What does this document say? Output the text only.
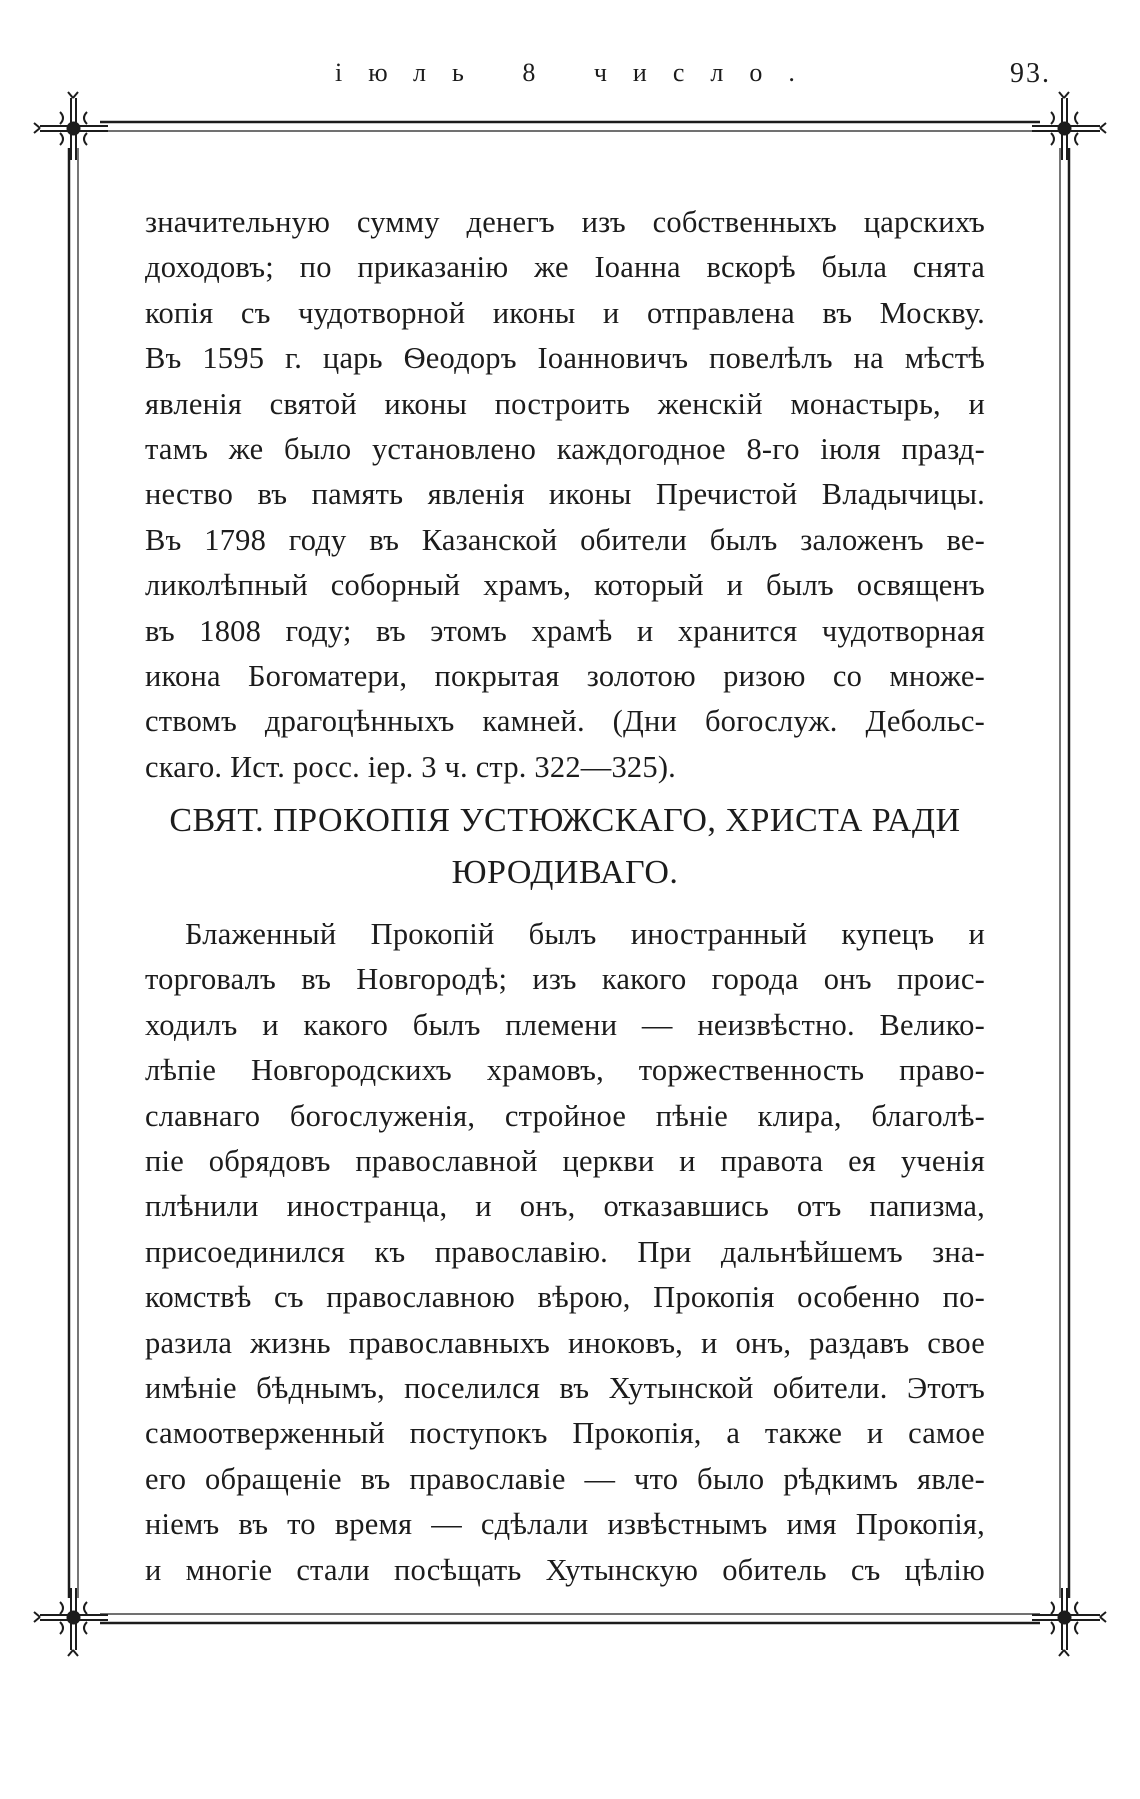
іюль 8 число.	93.
значительную сумму денегъ изъ собственныхъ царскихъ
доходовъ; по приказанію же Іоанна вскорѣ была снята
копія съ чудотворной иконы и отправлена въ Москву.
Въ 1595 г. царь Ѳеодоръ Іоанновичъ повелѣлъ на мѣстѣ
явленія святой иконы построить женскій монастырь, и
тамъ же было установлено каждогодное 8-го іюля празд-
нество въ память явленія иконы Пречистой Владычицы.
Въ 1798 году въ Казанской обители былъ заложенъ ве-
ликолѣпный соборный храмъ, который и былъ освященъ
въ 1808 году; въ этомъ храмѣ и хранится чудотворная
икона Богоматери, покрытая золотою ризою со множе-
ствомъ драгоцѣнныхъ камней. (Дни богослуж. Дебольс-
скаго. Ист. росс. іер. 3 ч. стр. 322—325).
СВЯТ. ПРОКОПІЯ УСТЮЖСКАГО, ХРИСТА РАДИ
ЮРОДИВАГО.
Блаженный Прокопій былъ иностранный купецъ и
торговалъ въ Новгородѣ; изъ какого города онъ проис-
ходилъ и какого былъ племени — неизвѣстно. Велико-
лѣпіе Новгородскихъ храмовъ, торжественность право-
славнаго богослуженія, стройное пѣніе клира, благолѣ-
піе обрядовъ православной церкви и правота ея ученія
плѣнили иностранца, и онъ, отказавшись отъ папизма,
присоединился къ православію. При дальнѣйшемъ зна-
комствѣ съ православною вѣрою, Прокопія особенно по-
разила жизнь православныхъ иноковъ, и онъ, раздавъ свое
имѣніе бѣднымъ, поселился въ Хутынской обители. Этотъ
самоотверженный поступокъ Прокопія, а также и самое
его обращеніе въ православіе — что было рѣдкимъ явле-
ніемъ въ то время — сдѣлали извѣстнымъ имя Прокопія,
и многіе стали посѣщать Хутынскую обитель съ цѣлію
